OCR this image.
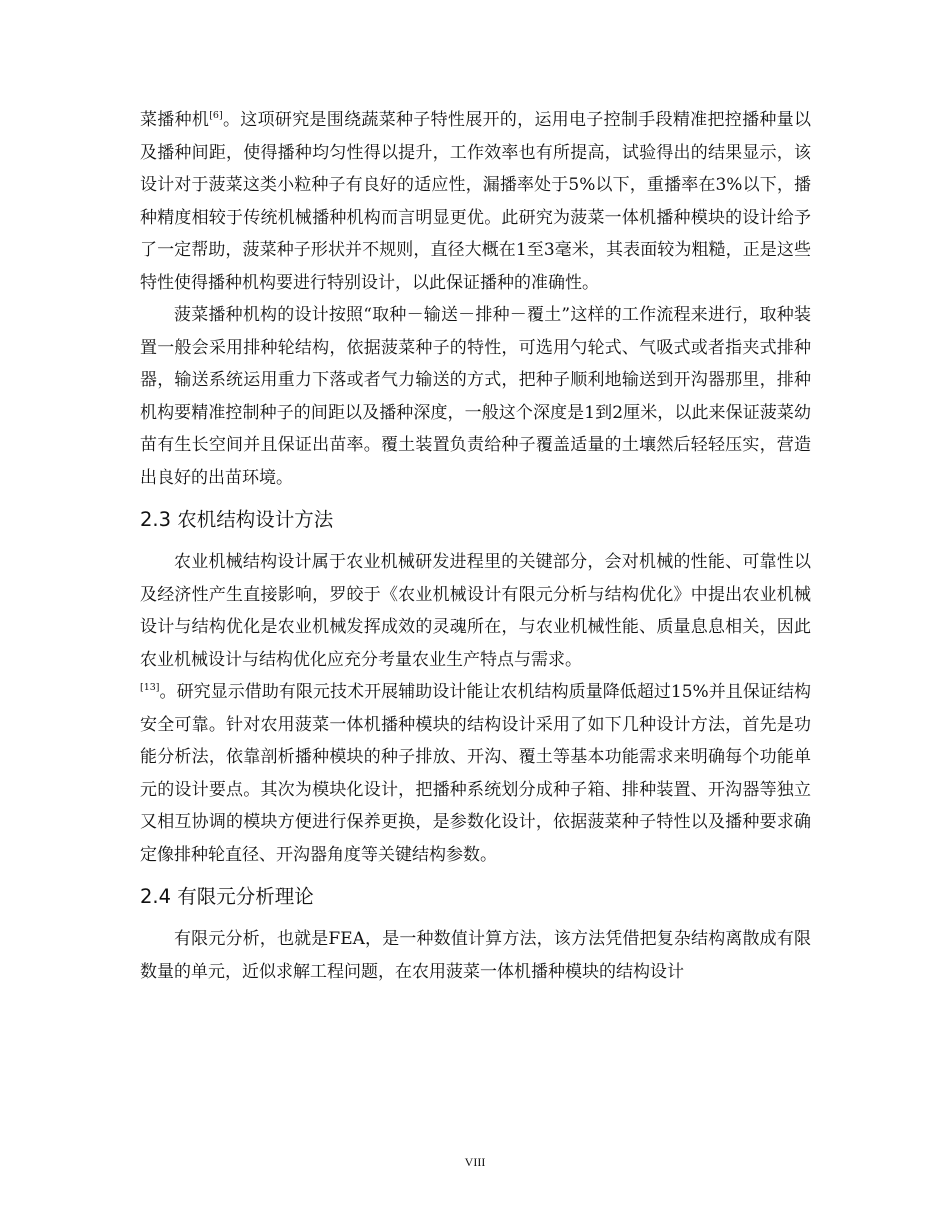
菜播种机[6]。这项研究是围绕蔬菜种子特性展开的，运用电子控制手段精准把控播种量以及播种间距，使得播种均匀性得以提升，工作效率也有所提高，试验得出的结果显示，该设计对于菠菜这类小粒种子有良好的适应性，漏播率处于5%以下，重播率在3%以下，播种精度相较于传统机械播种机构而言明显更优。此研究为菠菜一体机播种模块的设计给予了一定帮助，菠菜种子形状并不规则，直径大概在1至3毫米，其表面较为粗糙，正是这些特性使得播种机构要进行特别设计，以此保证播种的准确性。

菠菜播种机构的设计按照“取种－输送－排种－覆土”这样的工作流程来进行，取种装置一般会采用排种轮结构，依据菠菜种子的特性，可选用勺轮式、气吸式或者指夹式排种器，输送系统运用重力下落或者气力输送的方式，把种子顺利地输送到开沟器那里，排种机构要精准控制种子的间距以及播种深度，一般这个深度是1到2厘米，以此来保证菠菜幼苗有生长空间并且保证出苗率。覆土装置负责给种子覆盖适量的土壤然后轻轻压实，营造出良好的出苗环境。

2.3 农机结构设计方法

农业机械结构设计属于农业机械研发进程里的关键部分，会对机械的性能、可靠性以及经济性产生直接影响，罗皎于《农业机械设计有限元分析与结构优化》中提出农业机械设计与结构优化是农业机械发挥成效的灵魂所在，与农业机械性能、质量息息相关，因此农业机械设计与结构优化应充分考量农业生产特点与需求。

[13]。研究显示借助有限元技术开展辅助设计能让农机结构质量降低超过15%并且保证结构安全可靠。针对农用菠菜一体机播种模块的结构设计采用了如下几种设计方法，首先是功能分析法，依靠剖析播种模块的种子排放、开沟、覆土等基本功能需求来明确每个功能单元的设计要点。其次为模块化设计，把播种系统划分成种子箱、排种装置、开沟器等独立又相互协调的模块方便进行保养更换，是参数化设计，依据菠菜种子特性以及播种要求确定像排种轮直径、开沟器角度等关键结构参数。

2.4 有限元分析理论

有限元分析，也就是FEA，是一种数值计算方法，该方法凭借把复杂结构离散成有限数量的单元，近似求解工程问题，在农用菠菜一体机播种模块的结构设计

VIII
